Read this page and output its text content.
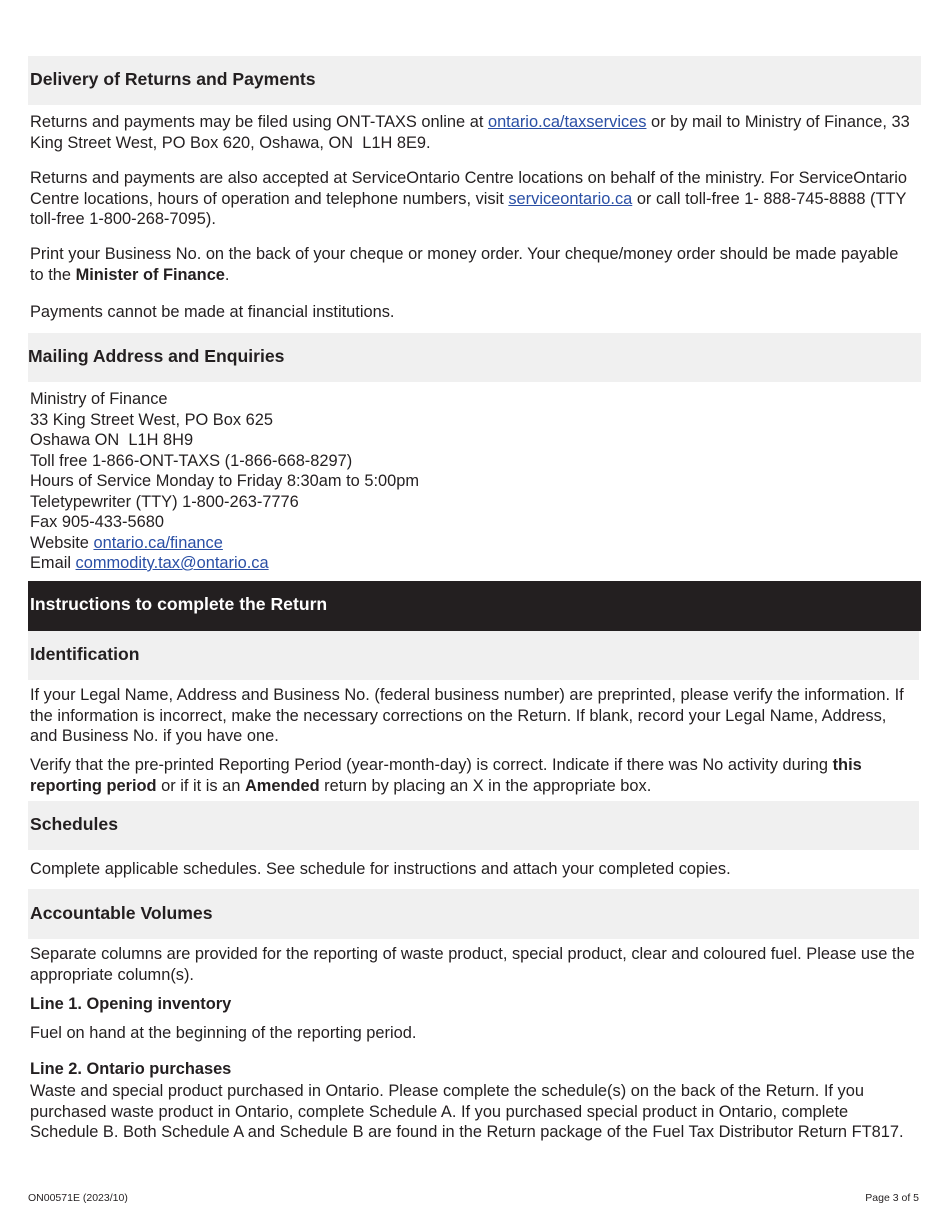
Delivery of Returns and Payments

Returns and payments may be filed using ONT-TAXS online at ontario.ca/taxservices or by mail to Ministry of Finance, 33 King Street West, PO Box 620, Oshawa, ON  L1H 8E9.

Returns and payments are also accepted at ServiceOntario Centre locations on behalf of the ministry. For ServiceOntario Centre locations, hours of operation and telephone numbers, visit serviceontario.ca or call toll-free 1- 888-745-8888 (TTY toll-free 1-800-268-7095).

Print your Business No. on the back of your cheque or money order. Your cheque/money order should be made payable to the Minister of Finance.

Payments cannot be made at financial institutions.

Mailing Address and Enquiries
Ministry of Finance
33 King Street West, PO Box 625
Oshawa ON  L1H 8H9
Toll free 1-866-ONT-TAXS (1-866-668-8297)
Hours of Service Monday to Friday 8:30am to 5:00pm
Teletypewriter (TTY) 1-800-263-7776
Fax 905-433-5680
Website ontario.ca/finance
Email commodity.tax@ontario.ca
Instructions to complete the Return
Identification

If your Legal Name, Address and Business No. (federal business number) are preprinted, please verify the information. If the information is incorrect, make the necessary corrections on the Return. If blank, record your Legal Name, Address, and Business No. if you have one.

Verify that the pre-printed Reporting Period (year-month-day) is correct. Indicate if there was No activity during this reporting period or if it is an Amended return by placing an X in the appropriate box.

Schedules

Complete applicable schedules. See schedule for instructions and attach your completed copies.

Accountable Volumes

Separate columns are provided for the reporting of waste product, special product, clear and coloured fuel. Please use the appropriate column(s).

Line 1. Opening inventory

Fuel on hand at the beginning of the reporting period.

Line 2. Ontario purchases

Waste and special product purchased in Ontario. Please complete the schedule(s) on the back of the Return. If you purchased waste product in Ontario, complete Schedule A. If you purchased special product in Ontario, complete Schedule B. Both Schedule A and Schedule B are found in the Return package of the Fuel Tax Distributor Return FT817.

ON00571E (2023/10)	Page 3 of 5
